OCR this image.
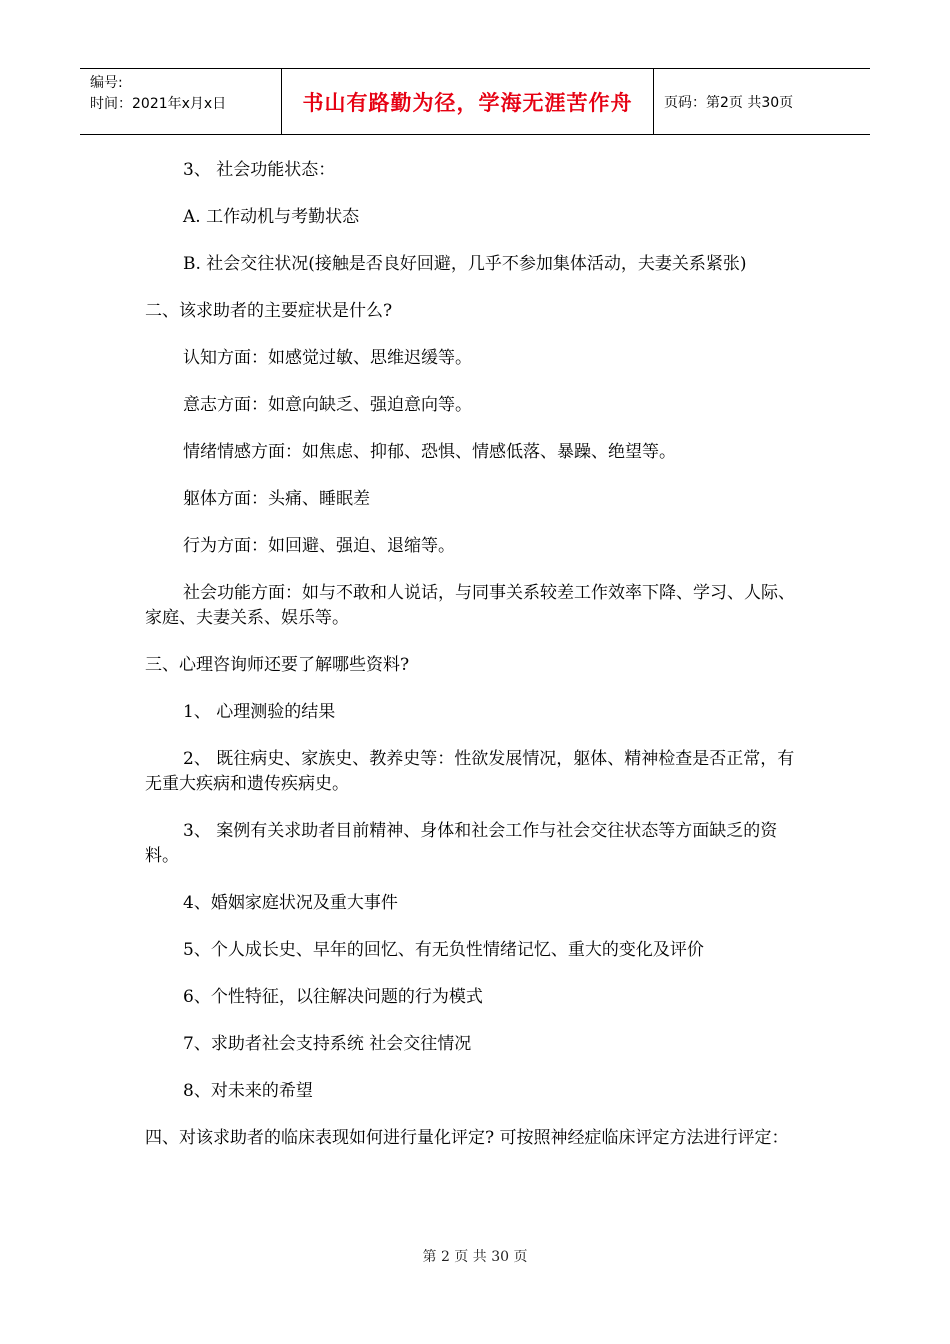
编号:
时间：2021年x月x日	书山有路勤为径，学海无涯苦作舟 页码：第2页 共30页

3、 社会功能状态：

A. 工作动机与考勤状态

B. 社会交往状况(接触是否良好回避，几乎不参加集体活动，夫妻关系紧张)

二、该求助者的主要症状是什么?

认知方面：如感觉过敏、思维迟缓等。

意志方面：如意向缺乏、强迫意向等。

情绪情感方面：如焦虑、抑郁、恐惧、情感低落、暴躁、绝望等。

躯体方面：头痛、睡眠差

行为方面：如回避、强迫、退缩等。

社会功能方面：如与不敢和人说话，与同事关系较差工作效率下降、学习、人际、家庭、夫妻关系、娱乐等。

三、心理咨询师还要了解哪些资料?

1、 心理测验的结果

2、 既往病史、家族史、教养史等：性欲发展情况，躯体、精神检查是否正常，有无重大疾病和遗传疾病史。

3、 案例有关求助者目前精神、身体和社会工作与社会交往状态等方面缺乏的资料。

4、婚姻家庭状况及重大事件

5、个人成长史、早年的回忆、有无负性情绪记忆、重大的变化及评价

6、个性特征，以往解决问题的行为模式

7、求助者社会支持系统 社会交往情况

8、对未来的希望

四、对该求助者的临床表现如何进行量化评定? 可按照神经症临床评定方法进行评定：

第 2 页 共 30 页
